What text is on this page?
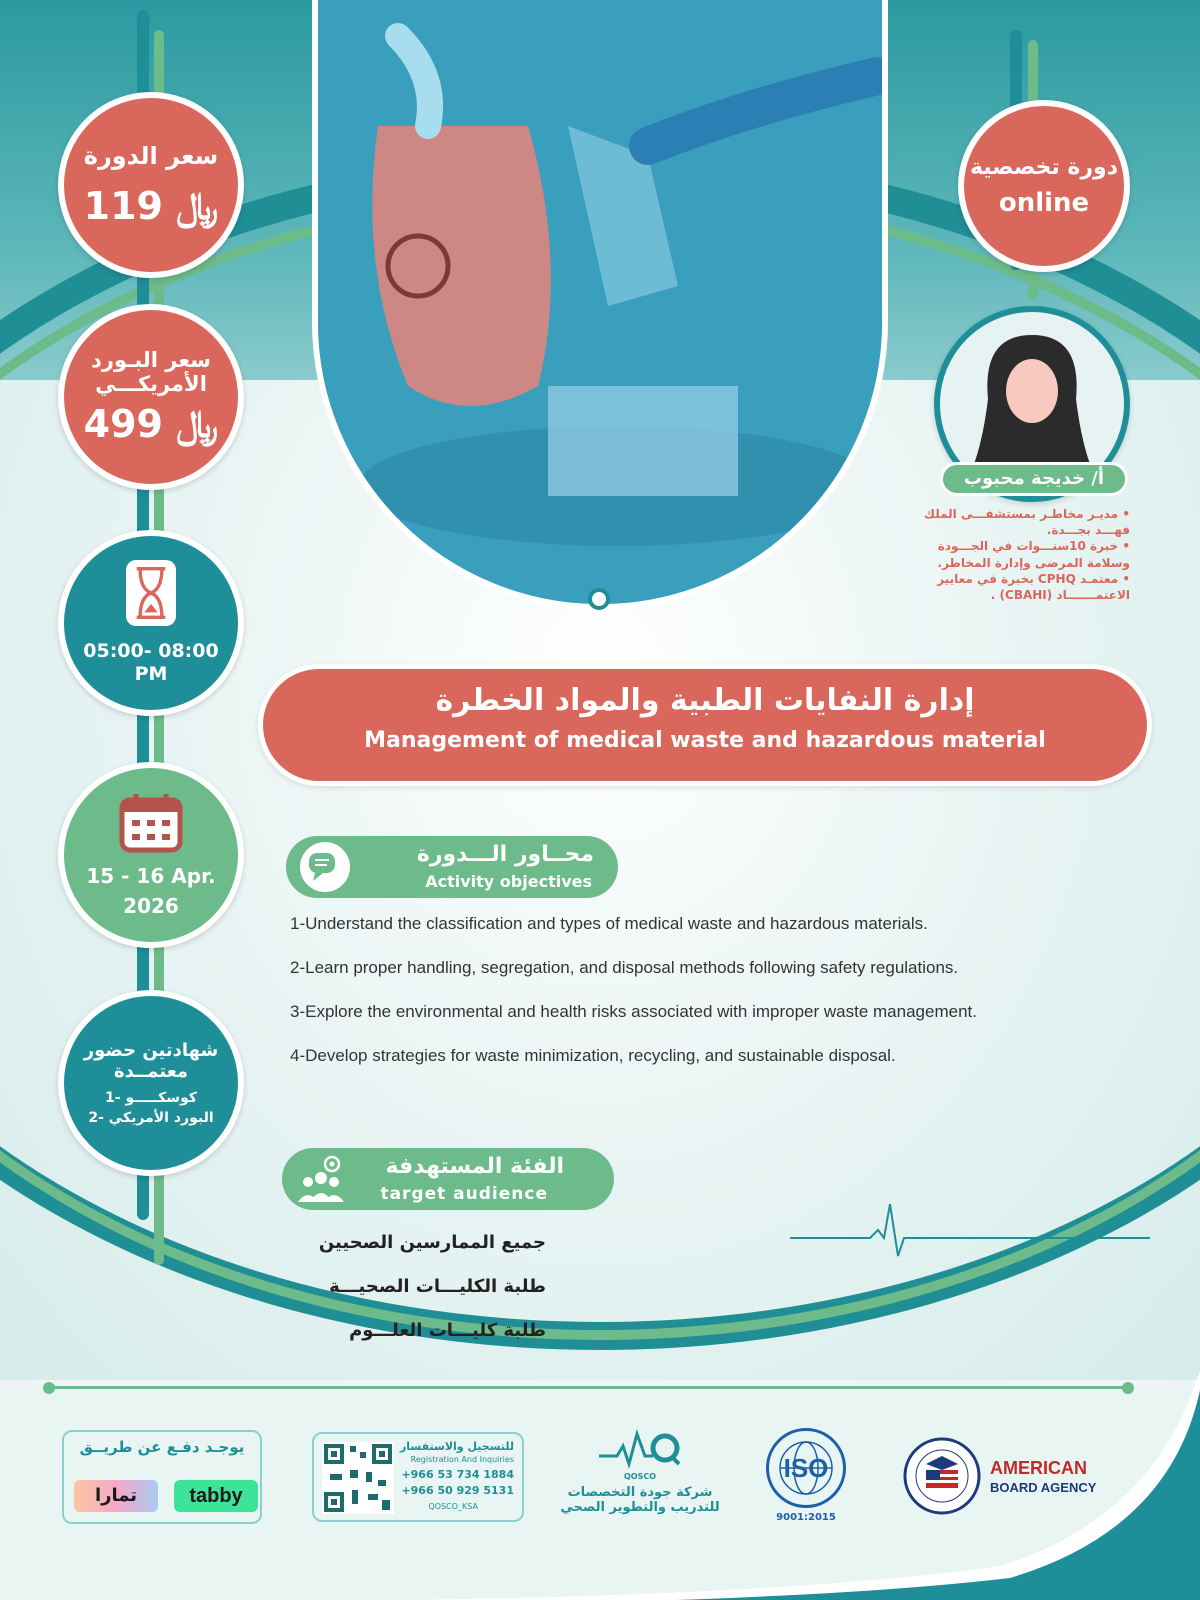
سعر الدورة
119 ﷼
سعر البـورد
الأمريكـــي
499 ﷼
05:00- 08:00 PM
15 - 16 Apr.
2026
شهادتين حضور
معتمــدة
1- كوسكـــــو
2- البورد الأمريكي
دورة تخصصية
online
أ/ خديجة محبوب
• مديـر مخاطـر بمستشفـــى الملك فهـــد بجـــدة.
• خبرة 10سنـــوات في الجـــودة وسلامة المرضى وإدارة المخاطر.
• معتمـد CPHQ بخبرة في معايير الاعتمـــــــاد (CBAHI) .
إدارة النفايات الطبية والمواد الخطرة
Management of medical waste and hazardous material
محــاور الـــدورة
Activity objectives
1-Understand the classification and types of medical waste and hazardous materials.
2-Learn proper handling, segregation, and disposal methods following safety regulations.
3-Explore the environmental and health risks associated with improper waste management.
4-Develop strategies for waste minimization, recycling, and sustainable disposal.
الفئة المستهدفة
target audience
جميع الممارسين الصحيين
طلبة الكليـــات الصحيـــة
طلبة كليـــات العلـــوم
يوجـد دفـع عن طريــق
tabby
تمارا
للتسجيل والاستفسار
Registration And Inquiries
+966 53 734 1884
+966 50 929 5131
QOSCO_KSA
QOSCO
شركة جودة التخصصات
للتدريب والتطوير الصحي
ISO
9001:2015
AMERICAN
BOARD AGENCY
